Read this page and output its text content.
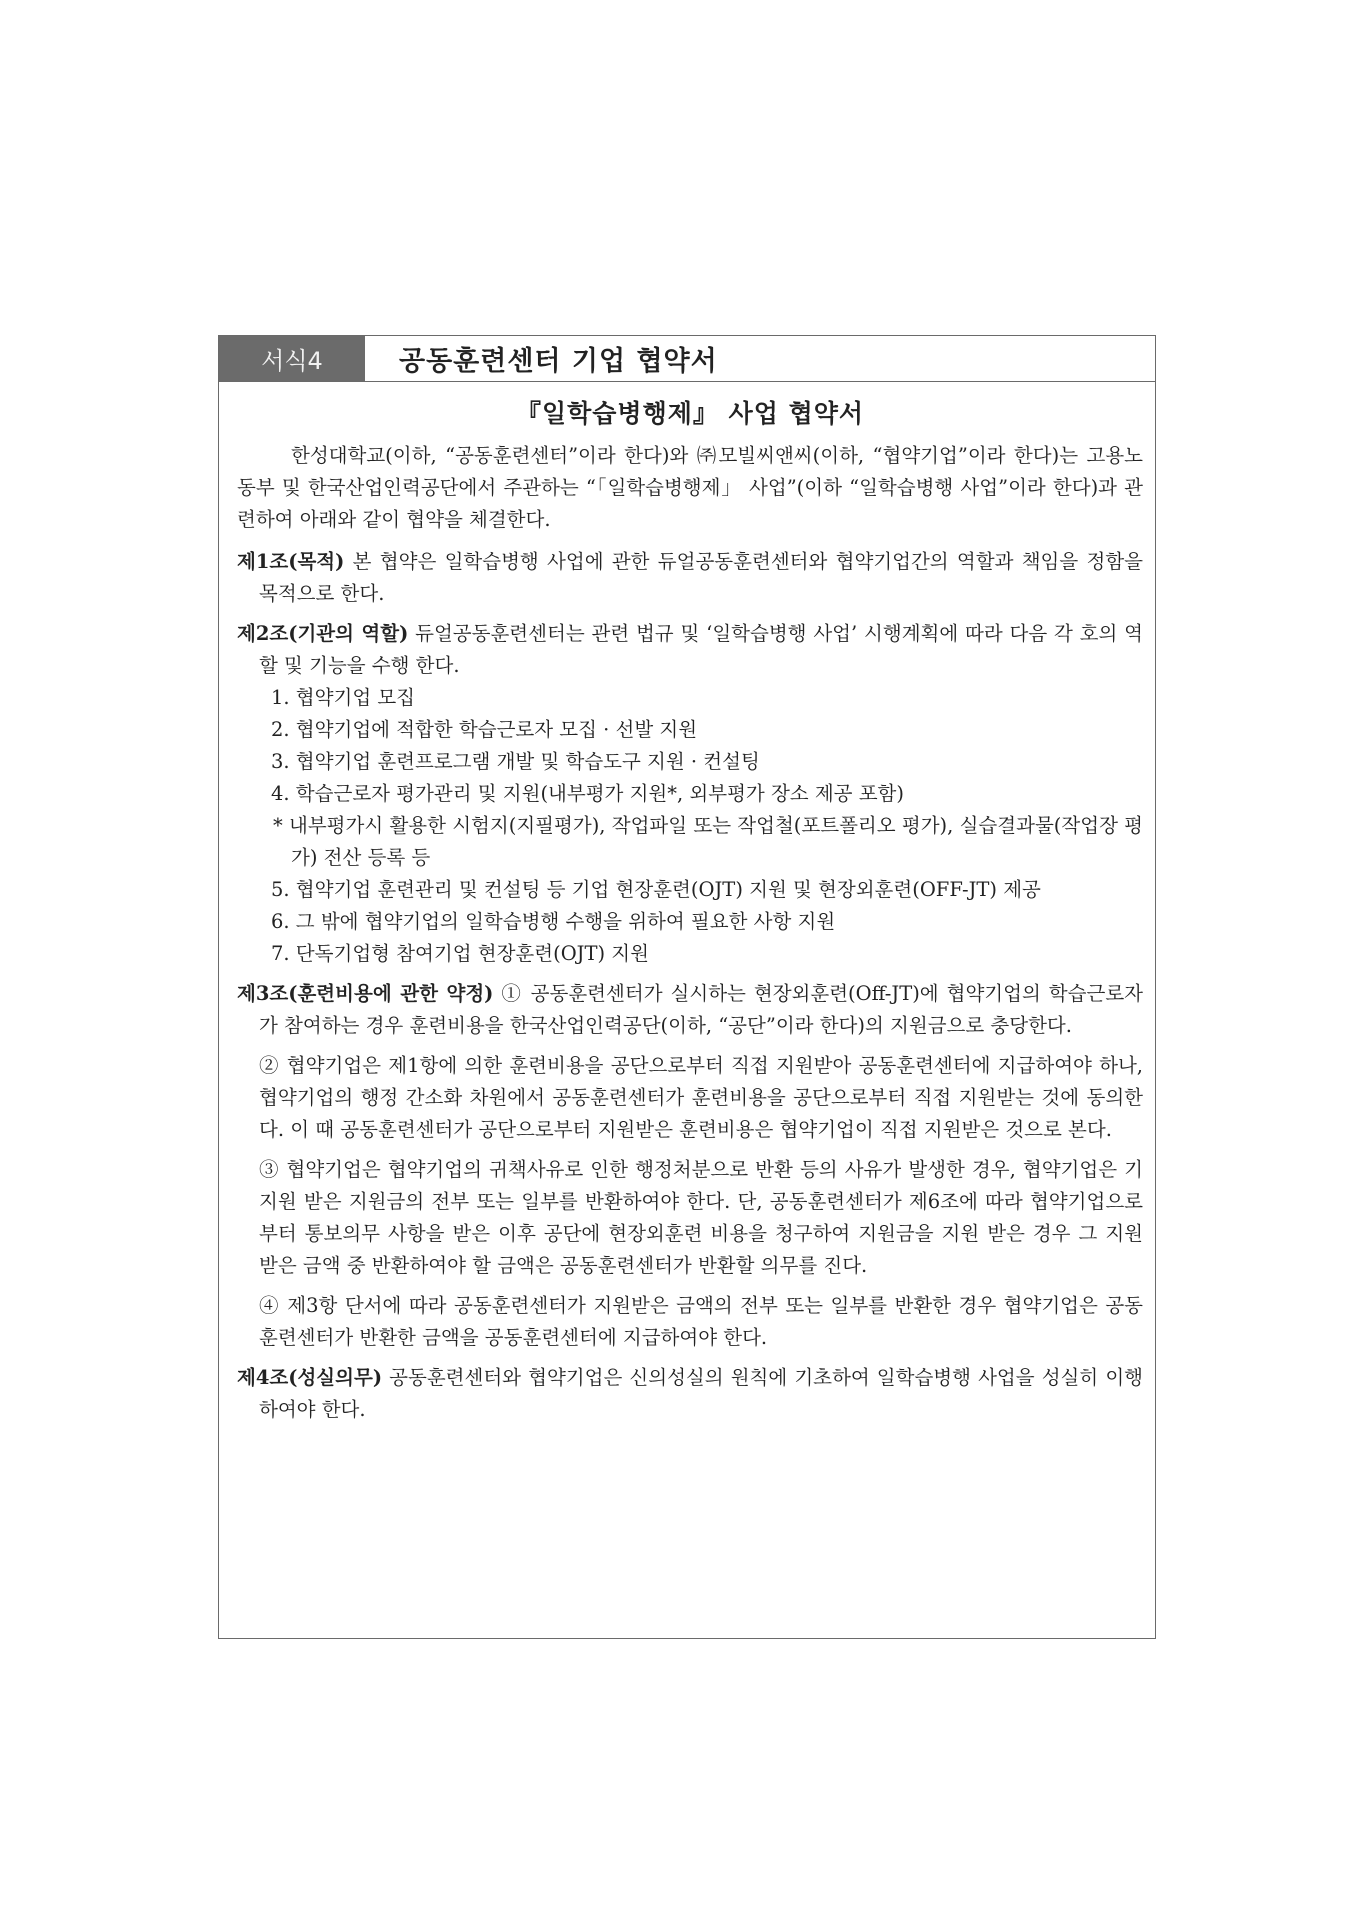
서식4	공동훈련센터 기업 협약서
『일학습병행제』 사업 협약서

한성대학교(이하, “공동훈련센터”이라 한다)와 ㈜모빌씨앤씨(이하, “협약기업”이라 한다)는 고용노동부 및 한국산업인력공단에서 주관하는 “「일학습병행제」 사업”(이하 “일학습병행 사업”이라 한다)과 관련하여 아래와 같이 협약을 체결한다.

제1조(목적) 본 협약은 일학습병행 사업에 관한 듀얼공동훈련센터와 협약기업간의 역할과 책임을 정함을 목적으로 한다.
제2조(기관의 역할) 듀얼공동훈련센터는 관련 법규 및 ‘일학습병행 사업’ 시행계획에 따라 다음 각 호의 역할 및 기능을 수행 한다.
1. 협약기업 모집
2. 협약기업에 적합한 학습근로자 모집 · 선발 지원
3. 협약기업 훈련프로그램 개발 및 학습도구 지원 · 컨설팅
4. 학습근로자 평가관리 및 지원(내부평가 지원*, 외부평가 장소 제공 포함)
* 내부평가시 활용한 시험지(지필평가), 작업파일 또는 작업철(포트폴리오 평가), 실습결과물(작업장 평가) 전산 등록 등
5. 협약기업 훈련관리 및 컨설팅 등 기업 현장훈련(OJT) 지원 및 현장외훈련(OFF-JT) 제공
6. 그 밖에 협약기업의 일학습병행 수행을 위하여 필요한 사항 지원
7. 단독기업형 참여기업 현장훈련(OJT) 지원
제3조(훈련비용에 관한 약정) ① 공동훈련센터가 실시하는 현장외훈련(Off-JT)에 협약기업의 학습근로자가 참여하는 경우 훈련비용을 한국산업인력공단(이하, “공단”이라 한다)의 지원금으로 충당한다.

② 협약기업은 제1항에 의한 훈련비용을 공단으로부터 직접 지원받아 공동훈련센터에 지급하여야 하나, 협약기업의 행정 간소화 차원에서 공동훈련센터가 훈련비용을 공단으로부터 직접 지원받는 것에 동의한다. 이 때 공동훈련센터가 공단으로부터 지원받은 훈련비용은 협약기업이 직접 지원받은 것으로 본다.

③ 협약기업은 협약기업의 귀책사유로 인한 행정처분으로 반환 등의 사유가 발생한 경우, 협약기업은 기지원 받은 지원금의 전부 또는 일부를 반환하여야 한다. 단, 공동훈련센터가 제6조에 따라 협약기업으로부터 통보의무 사항을 받은 이후 공단에 현장외훈련 비용을 청구하여 지원금을 지원 받은 경우 그 지원 받은 금액 중 반환하여야 할 금액은 공동훈련센터가 반환할 의무를 진다.

④ 제3항 단서에 따라 공동훈련센터가 지원받은 금액의 전부 또는 일부를 반환한 경우 협약기업은 공동훈련센터가 반환한 금액을 공동훈련센터에 지급하여야 한다.

제4조(성실의무) 공동훈련센터와 협약기업은 신의성실의 원칙에 기초하여 일학습병행 사업을 성실히 이행하여야 한다.
